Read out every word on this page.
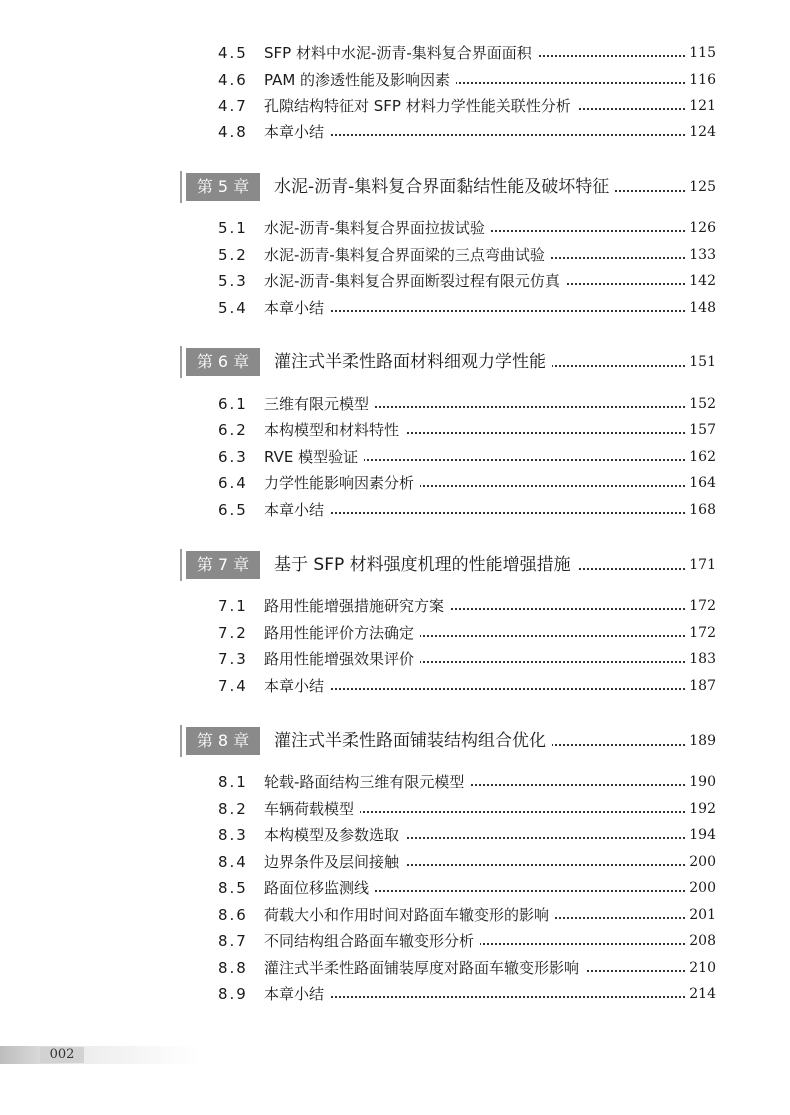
4.5 SFP 材料中水泥-沥青-集料复合界面面积	115
4.6 PAM 的渗透性能及影响因素	116
4.7 孔隙结构特征对 SFP 材料力学性能关联性分析	121
4.8 本章小结	124
第 5 章	水泥-沥青-集料复合界面黏结性能及破坏特征	125
5.1 水泥-沥青-集料复合界面拉拔试验	126
5.2 水泥-沥青-集料复合界面梁的三点弯曲试验	133
5.3 水泥-沥青-集料复合界面断裂过程有限元仿真	142
5.4 本章小结	148
第 6 章	灌注式半柔性路面材料细观力学性能	151
6.1 三维有限元模型	152
6.2 本构模型和材料特性	157
6.3 RVE 模型验证	162
6.4 力学性能影响因素分析	164
6.5 本章小结	168
第 7 章	基于 SFP 材料强度机理的性能增强措施	171
7.1 路用性能增强措施研究方案	172
7.2 路用性能评价方法确定	172
7.3 路用性能增强效果评价	183
7.4 本章小结	187
第 8 章	灌注式半柔性路面铺装结构组合优化	189
8.1 轮载-路面结构三维有限元模型	190
8.2 车辆荷载模型	192
8.3 本构模型及参数选取	194
8.4 边界条件及层间接触	200
8.5 路面位移监测线	200
8.6 荷载大小和作用时间对路面车辙变形的影响	201
8.7 不同结构组合路面车辙变形分析	208
8.8 灌注式半柔性路面铺装厚度对路面车辙变形影响	210
8.9 本章小结	214
002
